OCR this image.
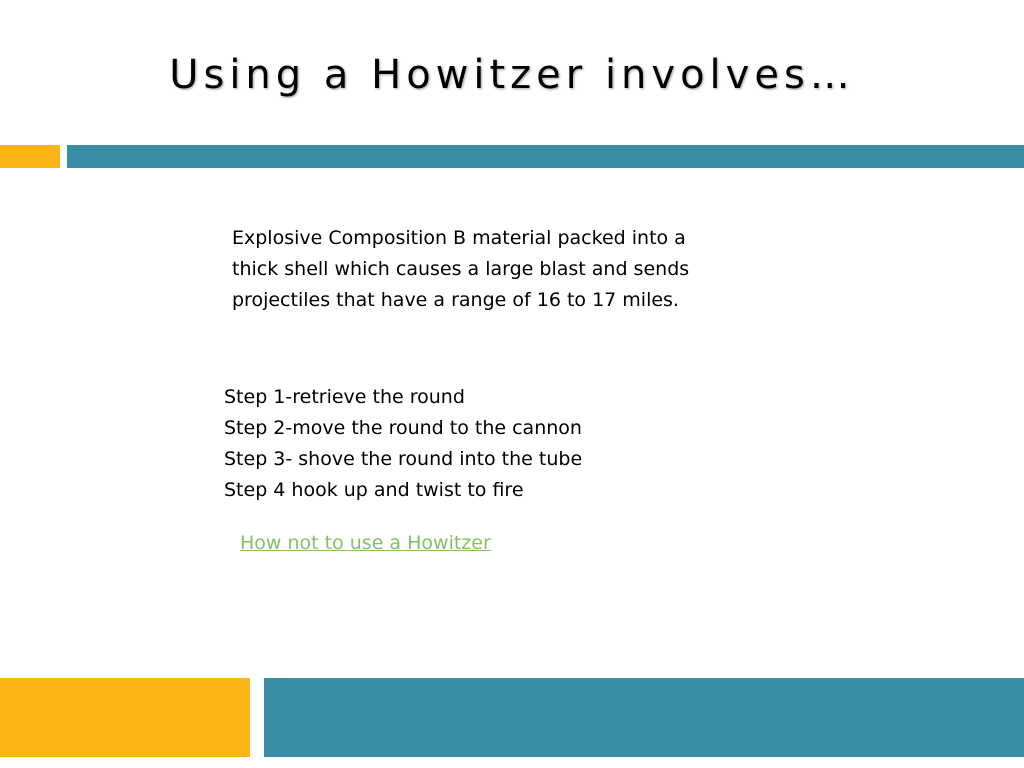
Using a Howitzer involves…
Explosive Composition B material packed into a
thick shell which causes a large blast and sends
projectiles that have a range of 16 to 17 miles.
Step 1-retrieve the round
Step 2-move the round to the cannon
Step 3- shove the round into the tube
Step 4 hook up and twist to fire
How not to use a Howitzer
